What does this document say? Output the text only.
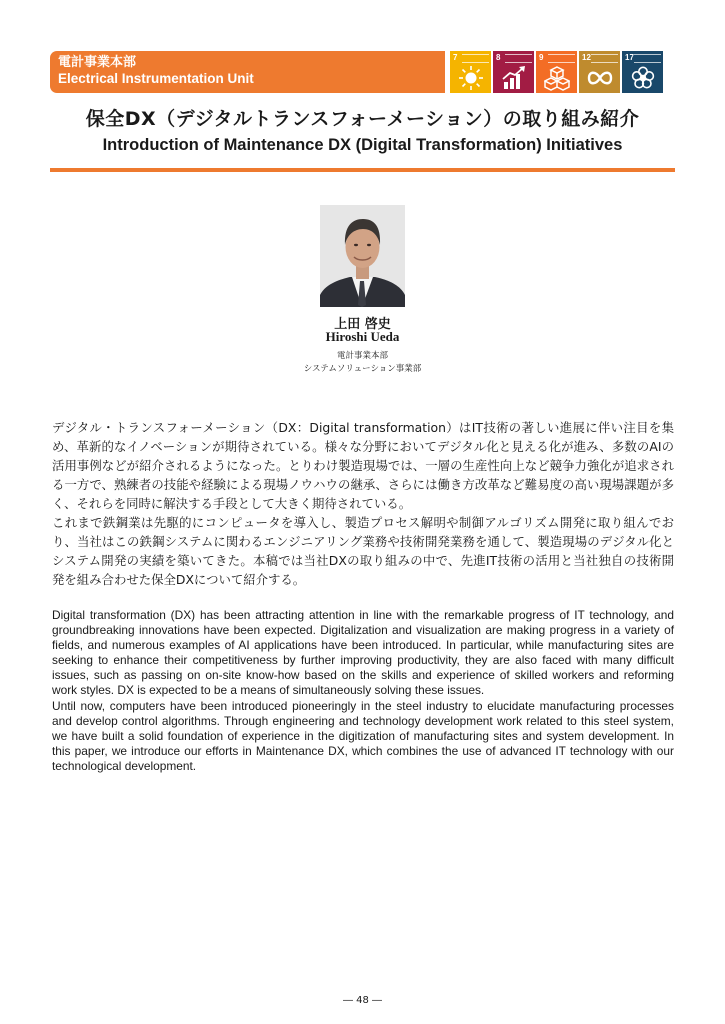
電計事業本部
Electrical Instrumentation Unit
7	8	9	12	17
保全DX（デジタルトランスフォーメーション）の取り組み紹介
Introduction of Maintenance DX (Digital Transformation) Initiatives
上田 啓史
Hiroshi Ueda
電計事業本部
システムソリューション事業部

デジタル・トランスフォーメーション（DX：Digital transformation）はIT技術の著しい進展に伴い注目を集め、革新的なイノベーションが期待されている。様々な分野においてデジタル化と見える化が進み、多数のAIの活用事例などが紹介されるようになった。とりわけ製造現場では、一層の生産性向上など競争力強化が追求される一方で、熟練者の技能や経験による現場ノウハウの継承、さらには働き方改革など難易度の高い現場課題が多く、それらを同時に解決する手段として大きく期待されている。

これまで鉄鋼業は先駆的にコンピュータを導入し、製造プロセス解明や制御アルゴリズム開発に取り組んでおり、当社はこの鉄鋼システムに関わるエンジニアリング業務や技術開発業務を通して、製造現場のデジタル化とシステム開発の実績を築いてきた。本稿では当社DXの取り組みの中で、先進IT技術の活用と当社独自の技術開発を組み合わせた保全DXについて紹介する。

Digital transformation (DX) has been attracting attention in line with the remarkable progress of IT technology, and groundbreaking innovations have been expected. Digitalization and visualization are making progress in a variety of fields, and numerous examples of AI applications have been introduced. In particular, while manufacturing sites are seeking to enhance their competitiveness by further improving productivity, they are also faced with many difficult issues, such as passing on on-site know-how based on the skills and experience of skilled workers and reforming work styles. DX is expected to be a means of simultaneously solving these issues.

Until now, computers have been introduced pioneeringly in the steel industry to elucidate manufacturing processes and develop control algorithms. Through engineering and technology development work related to this steel system, we have built a solid foundation of experience in the digitization of manufacturing sites and system development. In this paper, we introduce our efforts in Maintenance DX, which combines the use of advanced IT technology with our technological development.

― 48 ―
